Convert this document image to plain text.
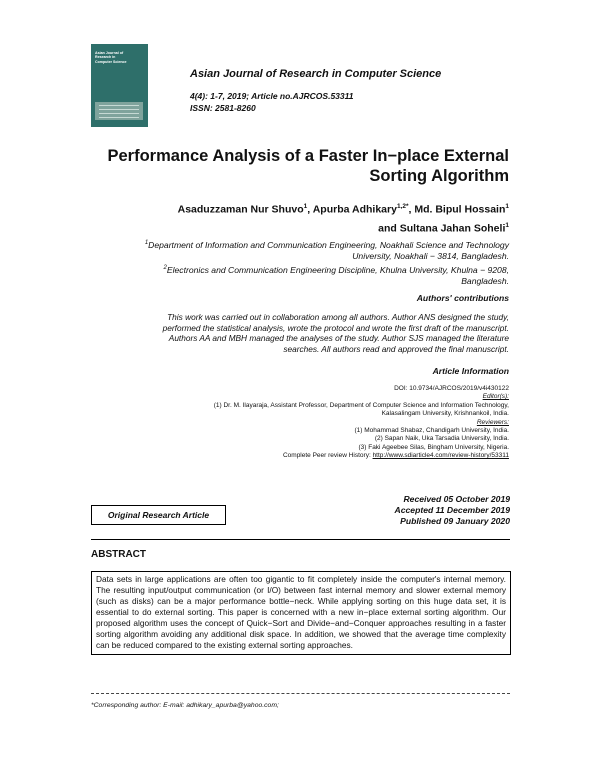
Asian Journal of
Research in
Computer Science
Asian Journal of Research in Computer Science
4(4): 1-7, 2019; Article no.AJRCOS.53311
ISSN: 2581-8260
Performance Analysis of a Faster In−place External
Sorting Algorithm
Asaduzzaman Nur Shuvo$^1$, Apurba Adhikary$^{1,2*}$, Md. Bipul Hossain$^1$
and Sultana Jahan Soheli$^1$
$^1$Department of Information and Communication Engineering, Noakhali Science and Technology
University, Noakhali − 3814, Bangladesh.
$^2$Electronics and Communication Engineering Discipline, Khulna University, Khulna − 9208,
Bangladesh.
Authors' contributions
This work was carried out in collaboration among all authors. Author ANS designed the study,
performed the statistical analysis, wrote the protocol and wrote the first draft of the manuscript.
Authors AA and MBH managed the analyses of the study. Author SJS managed the literature
searches. All authors read and approved the final manuscript.
Article Information
DOI: 10.9734/AJRCOS/2019/v4i430122
Editor(s):
(1) Dr. M. Ilayaraja, Assistant Professor, Department of Computer Science and Information Technology,
Kalasalingam University, Krishnankoil, India.
Reviewers:
(1) Mohammad Shabaz, Chandigarh University, India.
(2) Sapan Naik, Uka Tarsadia University, India.
(3) Faki Ageebee Silas, Bingham University, Nigeria.
Complete Peer review History: http://www.sdiarticle4.com/review-history/53311
Original Research Article
Received 05 October 2019
Accepted 11 December 2019
Published 09 January 2020
ABSTRACT
Data sets in large applications are often too gigantic to fit completely inside the computer's internal memory. The resulting input/output communication (or I/O) between fast internal memory and slower external memory (such as disks) can be a major performance bottle−neck. While applying sorting on this huge data set, it is essential to do external sorting. This paper is concerned with a new in−place external sorting algorithm. Our proposed algorithm uses the concept of Quick−Sort and Divide−and−Conquer approaches resulting in a faster sorting algorithm avoiding any additional disk space. In addition, we showed that the average time complexity can be reduced compared to the existing external sorting approaches.
*Corresponding author: E-mail: adhikary_apurba@yahoo.com;
